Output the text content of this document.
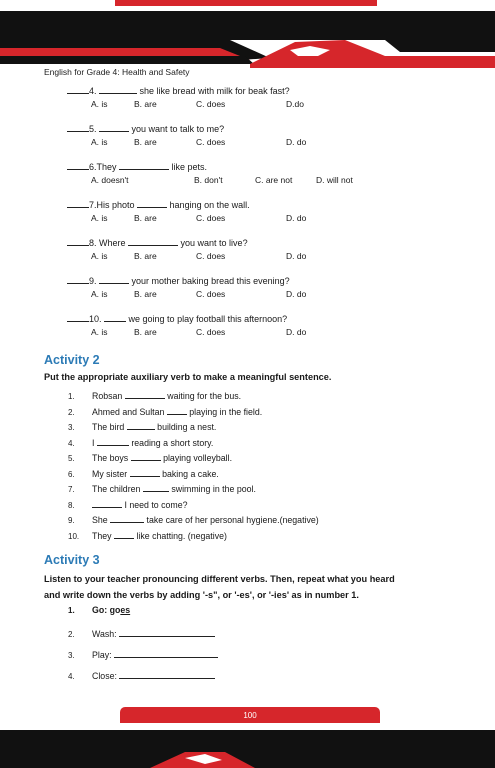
English for Grade 4: Health and Safety
4.	she like bread with milk for beak fast?
A. is	B. are	C. does	D.do
5.	you want to talk to me?
A. is	B. are	C. does	D. do
6.They	like pets.
A. doesn't	B. don't	C. are not	D. will not
7.His photo	hanging on the wall.
A. is	B. are	C. does	D. do
8. Where	you want to live?
A. is	B. are	C. does	D. do
9.	your mother baking bread this evening?
A. is	B. are	C. does	D. do
10.	we going to play football this afternoon?
A. is	B. are	C. does	D. do
Activity 2
Put the appropriate auxiliary verb to make a meaningful sentence.
1. Robsan	waiting for the bus.
2. Ahmed and Sultan	playing in the field.
3. The bird	building a nest.
4. I	reading a short story.
5. The boys	playing volleyball.
6. My sister	baking a cake.
7. The children	swimming in the pool.
8.	I need to come?
9. She	take care of her personal hygiene.(negative)
10. They	like chatting. (negative)
Activity 3
Listen to your teacher pronouncing different verbs. Then, repeat what you heard
and write down the verbs by adding '-s", or '-es', or '-ies' as in number 1.
1. Go: goes
2. Wash:
3. Play:
4. Close:
100
